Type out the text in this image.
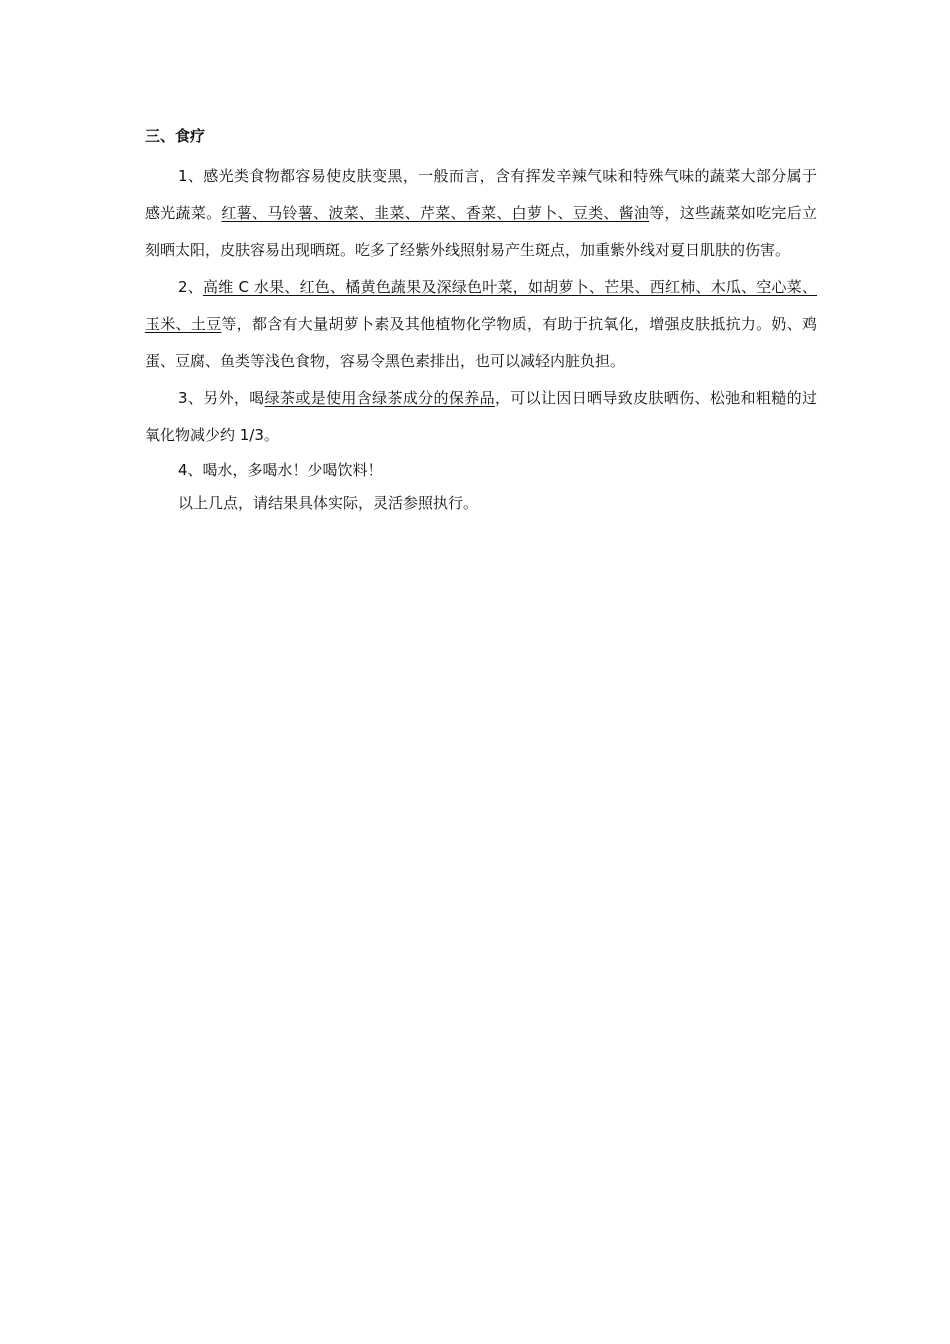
三、食疗

1、感光类食物都容易使皮肤变黑，一般而言，含有挥发辛辣气味和特殊气味的蔬菜大部分属于感光蔬菜。红薯、马铃薯、波菜、韭菜、芹菜、香菜、白萝卜、豆类、酱油等，这些蔬菜如吃完后立刻晒太阳，皮肤容易出现晒斑。吃多了经紫外线照射易产生斑点，加重紫外线对夏日肌肤的伤害。

2、高维 C 水果、红色、橘黄色蔬果及深绿色叶菜，如胡萝卜、芒果、西红柿、木瓜、空心菜、玉米、土豆等，都含有大量胡萝卜素及其他植物化学物质，有助于抗氧化，增强皮肤抵抗力。奶、鸡蛋、豆腐、鱼类等浅色食物，容易令黑色素排出，也可以减轻内脏负担。

3、另外，喝绿茶或是使用含绿茶成分的保养品，可以让因日晒导致皮肤晒伤、松弛和粗糙的过氧化物减少约 1/3。

4、喝水，多喝水！少喝饮料！

以上几点，请结果具体实际，灵活参照执行。
